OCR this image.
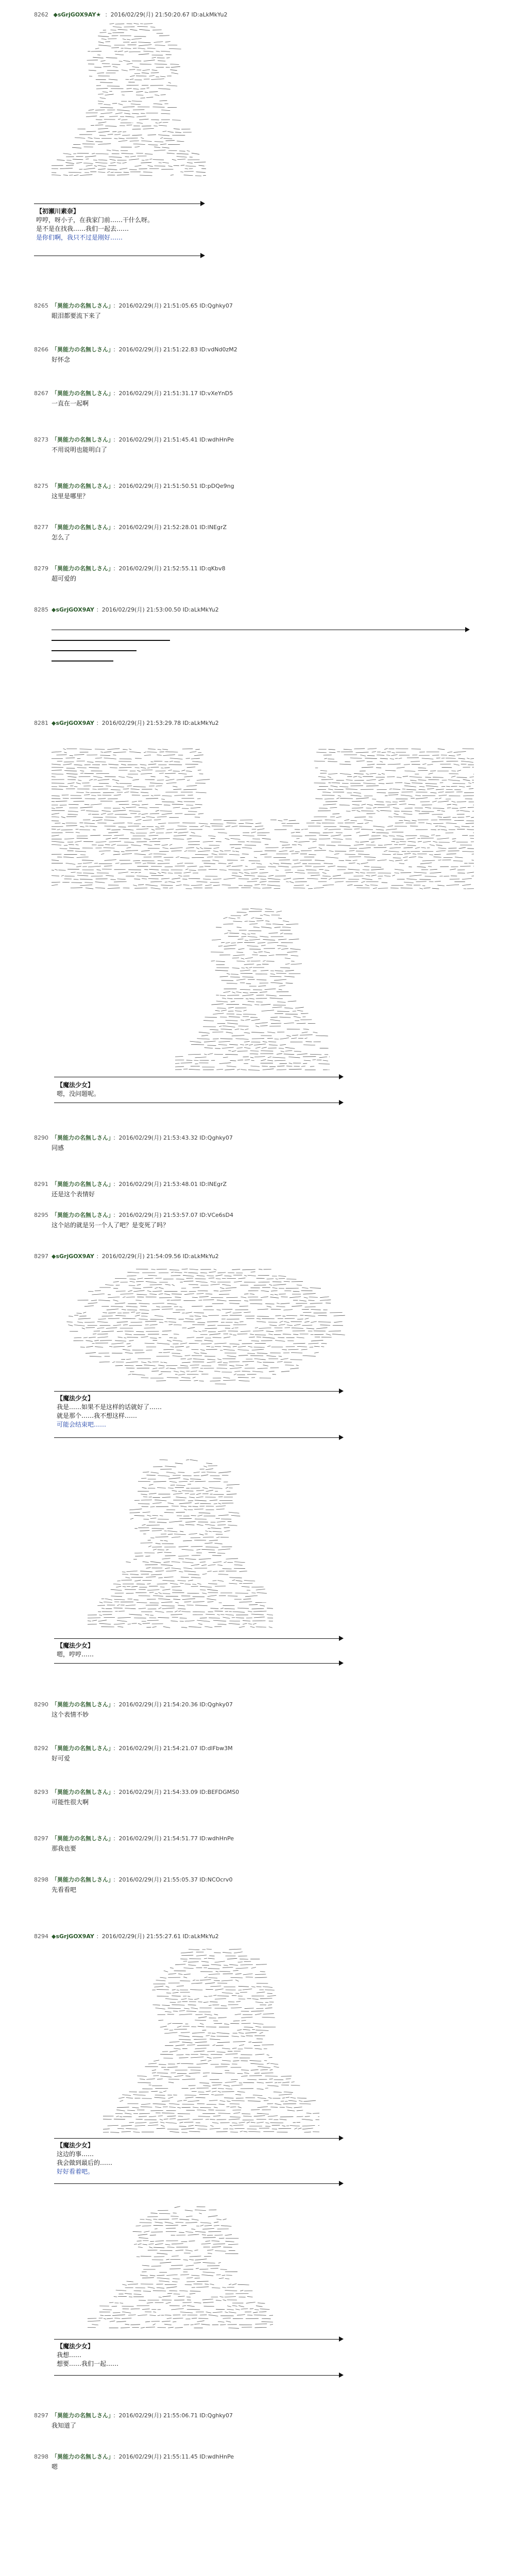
8262 ◆sGrjGOX9AY★ ：2016/02/29(月) 21:50:20.67 ID:aLkMkYu2
【初瀬川素奈】
哼哼，呀小子，在我家门前……干什么呀。
是不是在找我……我们一起去……
是你们啊，我只不过是刚好……
8265 「異能力の名無しさん」 ：2016/02/29(月) 21:51:05.65 ID:Qghky07
眼泪都要流下来了
8266 「異能力の名無しさん」 ：2016/02/29(月) 21:51:22.83 ID:vdNd0zM2
好怀念
8267 「異能力の名無しさん」 ：2016/02/29(月) 21:51:31.17 ID:vXeYnD5
一直在一起啊
8273 「異能力の名無しさん」 ：2016/02/29(月) 21:51:45.41 ID:wdhHnPe
不用说明也能明白了
8275 「異能力の名無しさん」 ：2016/02/29(月) 21:51:50.51 ID:pDQe9ng
这里是哪里？
8277 「異能力の名無しさん」 ：2016/02/29(月) 21:52:28.01 ID:lNEgrZ
怎么了
8279 「異能力の名無しさん」 ：2016/02/29(月) 21:52:55.11 ID:qKbv8
超可爱的
8285 ◆sGrjGOX9AY ：2016/02/29(月) 21:53:00.50 ID:aLkMkYu2
8281 ◆sGrjGOX9AY ：2016/02/29(月) 21:53:29.78 ID:aLkMkYu2
【魔法少女】
嗯，没问题呢。
8290 「異能力の名無しさん」 ：2016/02/29(月) 21:53:43.32 ID:Qghky07
同感
8291 「異能力の名無しさん」 ：2016/02/29(月) 21:53:48.01 ID:lNEgrZ
还是这个表情好
8295 「異能力の名無しさん」 ：2016/02/29(月) 21:53:57.07 ID:VCe6sD4
这个站的就是另一个人了吧？是变死了吗？
8297 ◆sGrjGOX9AY ：2016/02/29(月) 21:54:09.56 ID:aLkMkYu2
【魔法少女】
我是……如果不是这样的话就好了……
就是那个……我不想这样……
可能会结束吧……
【魔法少女】
嗯，哼哼……
8290 「異能力の名無しさん」 ：2016/02/29(月) 21:54:20.36 ID:Qghky07
这个表情不妙
8292 「異能力の名無しさん」 ：2016/02/29(月) 21:54:21.07 ID:dlFbw3M
好可爱
8293 「異能力の名無しさん」 ：2016/02/29(月) 21:54:33.09 ID:BEFDGMS0
可能性很大啊
8297 「異能力の名無しさん」 ：2016/02/29(月) 21:54:51.77 ID:wdhHnPe
那我也要
8298 「異能力の名無しさん」 ：2016/02/29(月) 21:55:05.37 ID:NCOcrv0
先看看吧
8294 ◆sGrjGOX9AY ：2016/02/29(月) 21:55:27.61 ID:aLkMkYu2
【魔法少女】
这边的事……
我会做到最后的……
好好看着吧。
【魔法少女】
我想……
想要……我们一起……
8297 「異能力の名無しさん」 ：2016/02/29(月) 21:55:06.71 ID:Qghky07
我知道了
8298 「異能力の名無しさん」 ：2016/02/29(月) 21:55:11.45 ID:wdhHnPe
嗯
